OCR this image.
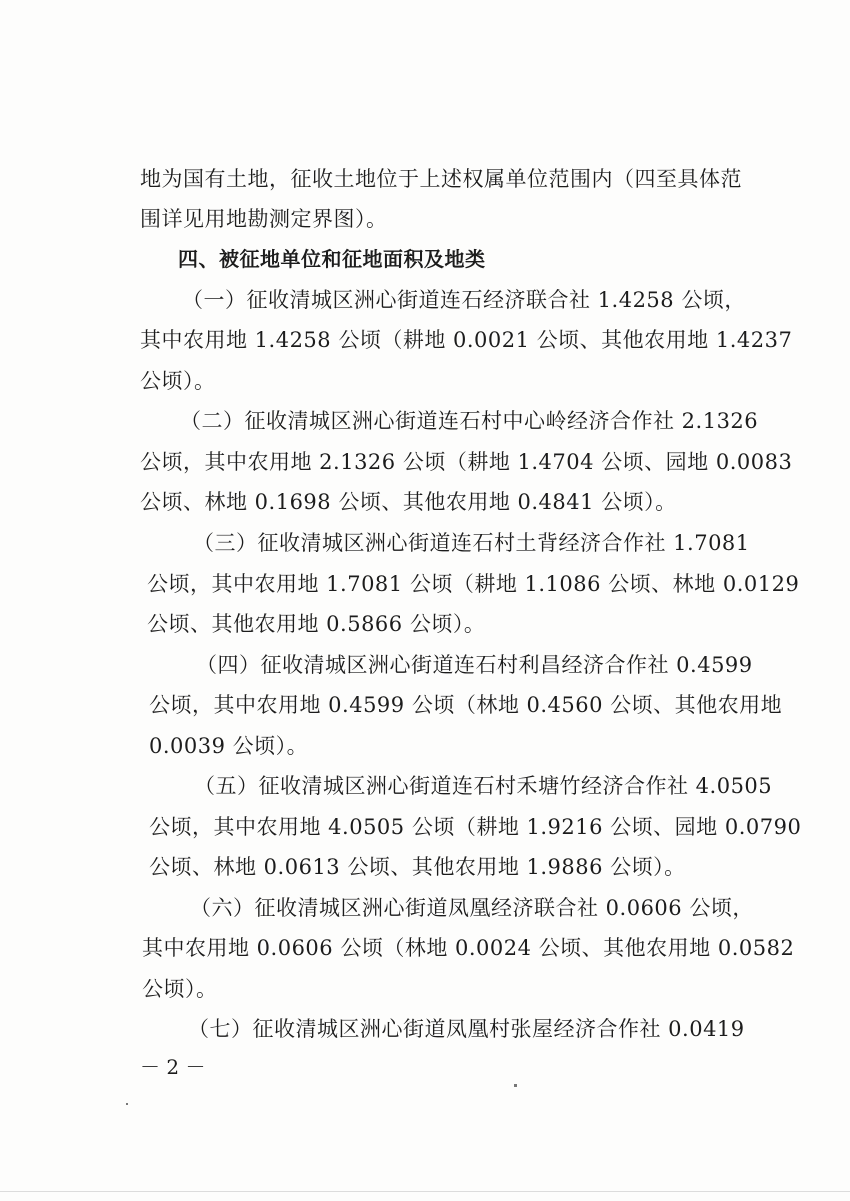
地为国有土地，征收土地位于上述权属单位范围内（四至具体范
围详见用地勘测定界图）。
四、被征地单位和征地面积及地类
（一）征收清城区洲心街道连石经济联合社 1.4258 公顷，
其中农用地 1.4258 公顷（耕地 0.0021 公顷、其他农用地 1.4237
公顷）。
（二）征收清城区洲心街道连石村中心岭经济合作社 2.1326
公顷，其中农用地 2.1326 公顷（耕地 1.4704 公顷、园地 0.0083
公顷、林地 0.1698 公顷、其他农用地 0.4841 公顷）。
（三）征收清城区洲心街道连石村土背经济合作社 1.7081
公顷，其中农用地 1.7081 公顷（耕地 1.1086 公顷、林地 0.0129
公顷、其他农用地 0.5866 公顷）。
（四）征收清城区洲心街道连石村利昌经济合作社 0.4599
公顷，其中农用地 0.4599 公顷（林地 0.4560 公顷、其他农用地
0.0039 公顷）。
（五）征收清城区洲心街道连石村禾塘竹经济合作社 4.0505
公顷，其中农用地 4.0505 公顷（耕地 1.9216 公顷、园地 0.0790
公顷、林地 0.0613 公顷、其他农用地 1.9886 公顷）。
（六）征收清城区洲心街道凤凰经济联合社 0.0606 公顷，
其中农用地 0.0606 公顷（林地 0.0024 公顷、其他农用地 0.0582
公顷）。
（七）征收清城区洲心街道凤凰村张屋经济合作社 0.0419
－ 2 －
